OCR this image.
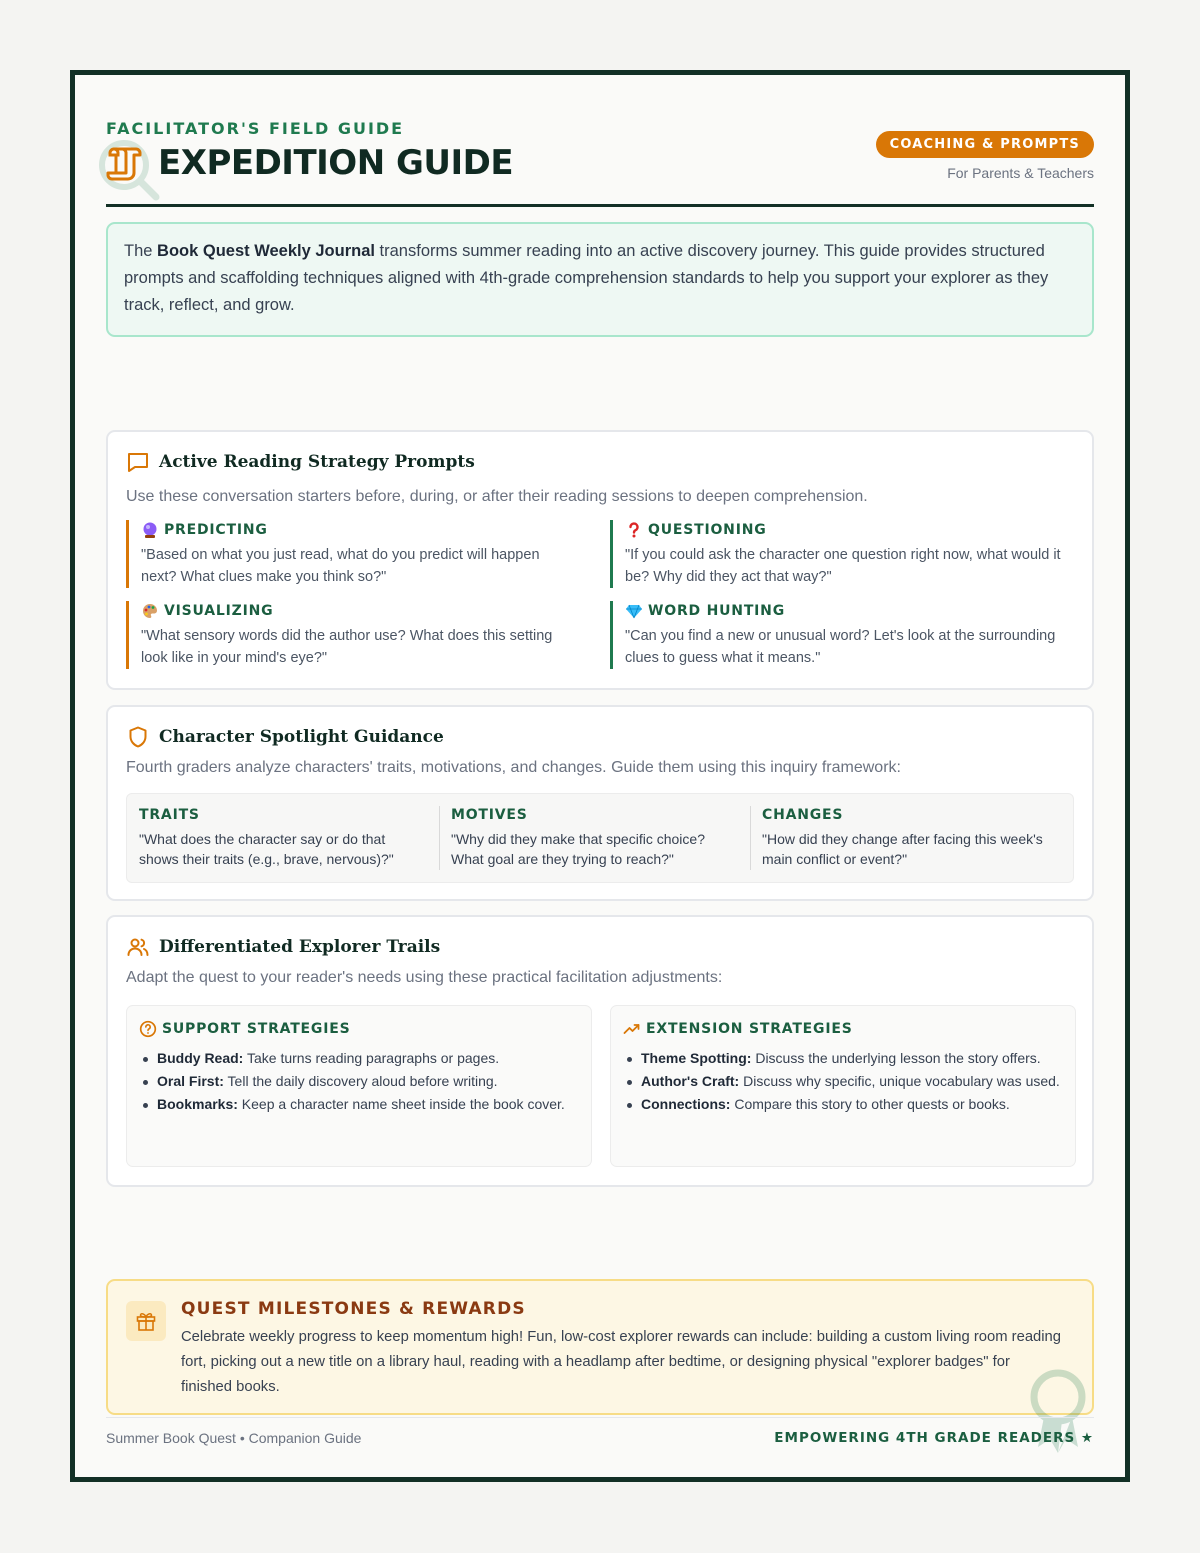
FACILITATOR'S FIELD GUIDE
EXPEDITION GUIDE	COACHING & PROMPTS
For Parents & Teachers
The Book Quest Weekly Journal transforms summer reading into an active discovery journey. This guide provides structured prompts and scaffolding techniques aligned with 4th-grade comprehension standards to help you support your explorer as they track, reflect, and grow.
Active Reading Strategy Prompts
Use these conversation starters before, during, or after their reading sessions to deepen comprehension.
PREDICTING
"Based on what you just read, what do you predict will happen next? What clues make you think so?"
QUESTIONING
"If you could ask the character one question right now, what would it be? Why did they act that way?"
VISUALIZING
"What sensory words did the author use? What does this setting look like in your mind's eye?"
WORD HUNTING
"Can you find a new or unusual word? Let's look at the surrounding clues to guess what it means."
Character Spotlight Guidance
Fourth graders analyze characters' traits, motivations, and changes. Guide them using this inquiry framework:
TRAITS
"What does the character say or do that shows their traits (e.g., brave, nervous)?"
MOTIVES
"Why did they make that specific choice? What goal are they trying to reach?"
CHANGES
"How did they change after facing this week's main conflict or event?"
Differentiated Explorer Trails
Adapt the quest to your reader's needs using these practical facilitation adjustments:
SUPPORT STRATEGIES
Buddy Read: Take turns reading paragraphs or pages.
Oral First: Tell the daily discovery aloud before writing.
Bookmarks: Keep a character name sheet inside the book cover.
EXTENSION STRATEGIES
Theme Spotting: Discuss the underlying lesson the story offers.
Author's Craft: Discuss why specific, unique vocabulary was used.
Connections: Compare this story to other quests or books.
QUEST MILESTONES & REWARDS
Celebrate weekly progress to keep momentum high! Fun, low-cost explorer rewards can include: building a custom living room reading fort, picking out a new title on a library haul, reading with a headlamp after bedtime, or designing physical "explorer badges" for finished books.
Summer Book Quest • Companion Guide	EMPOWERING 4TH GRADE READERS ★
